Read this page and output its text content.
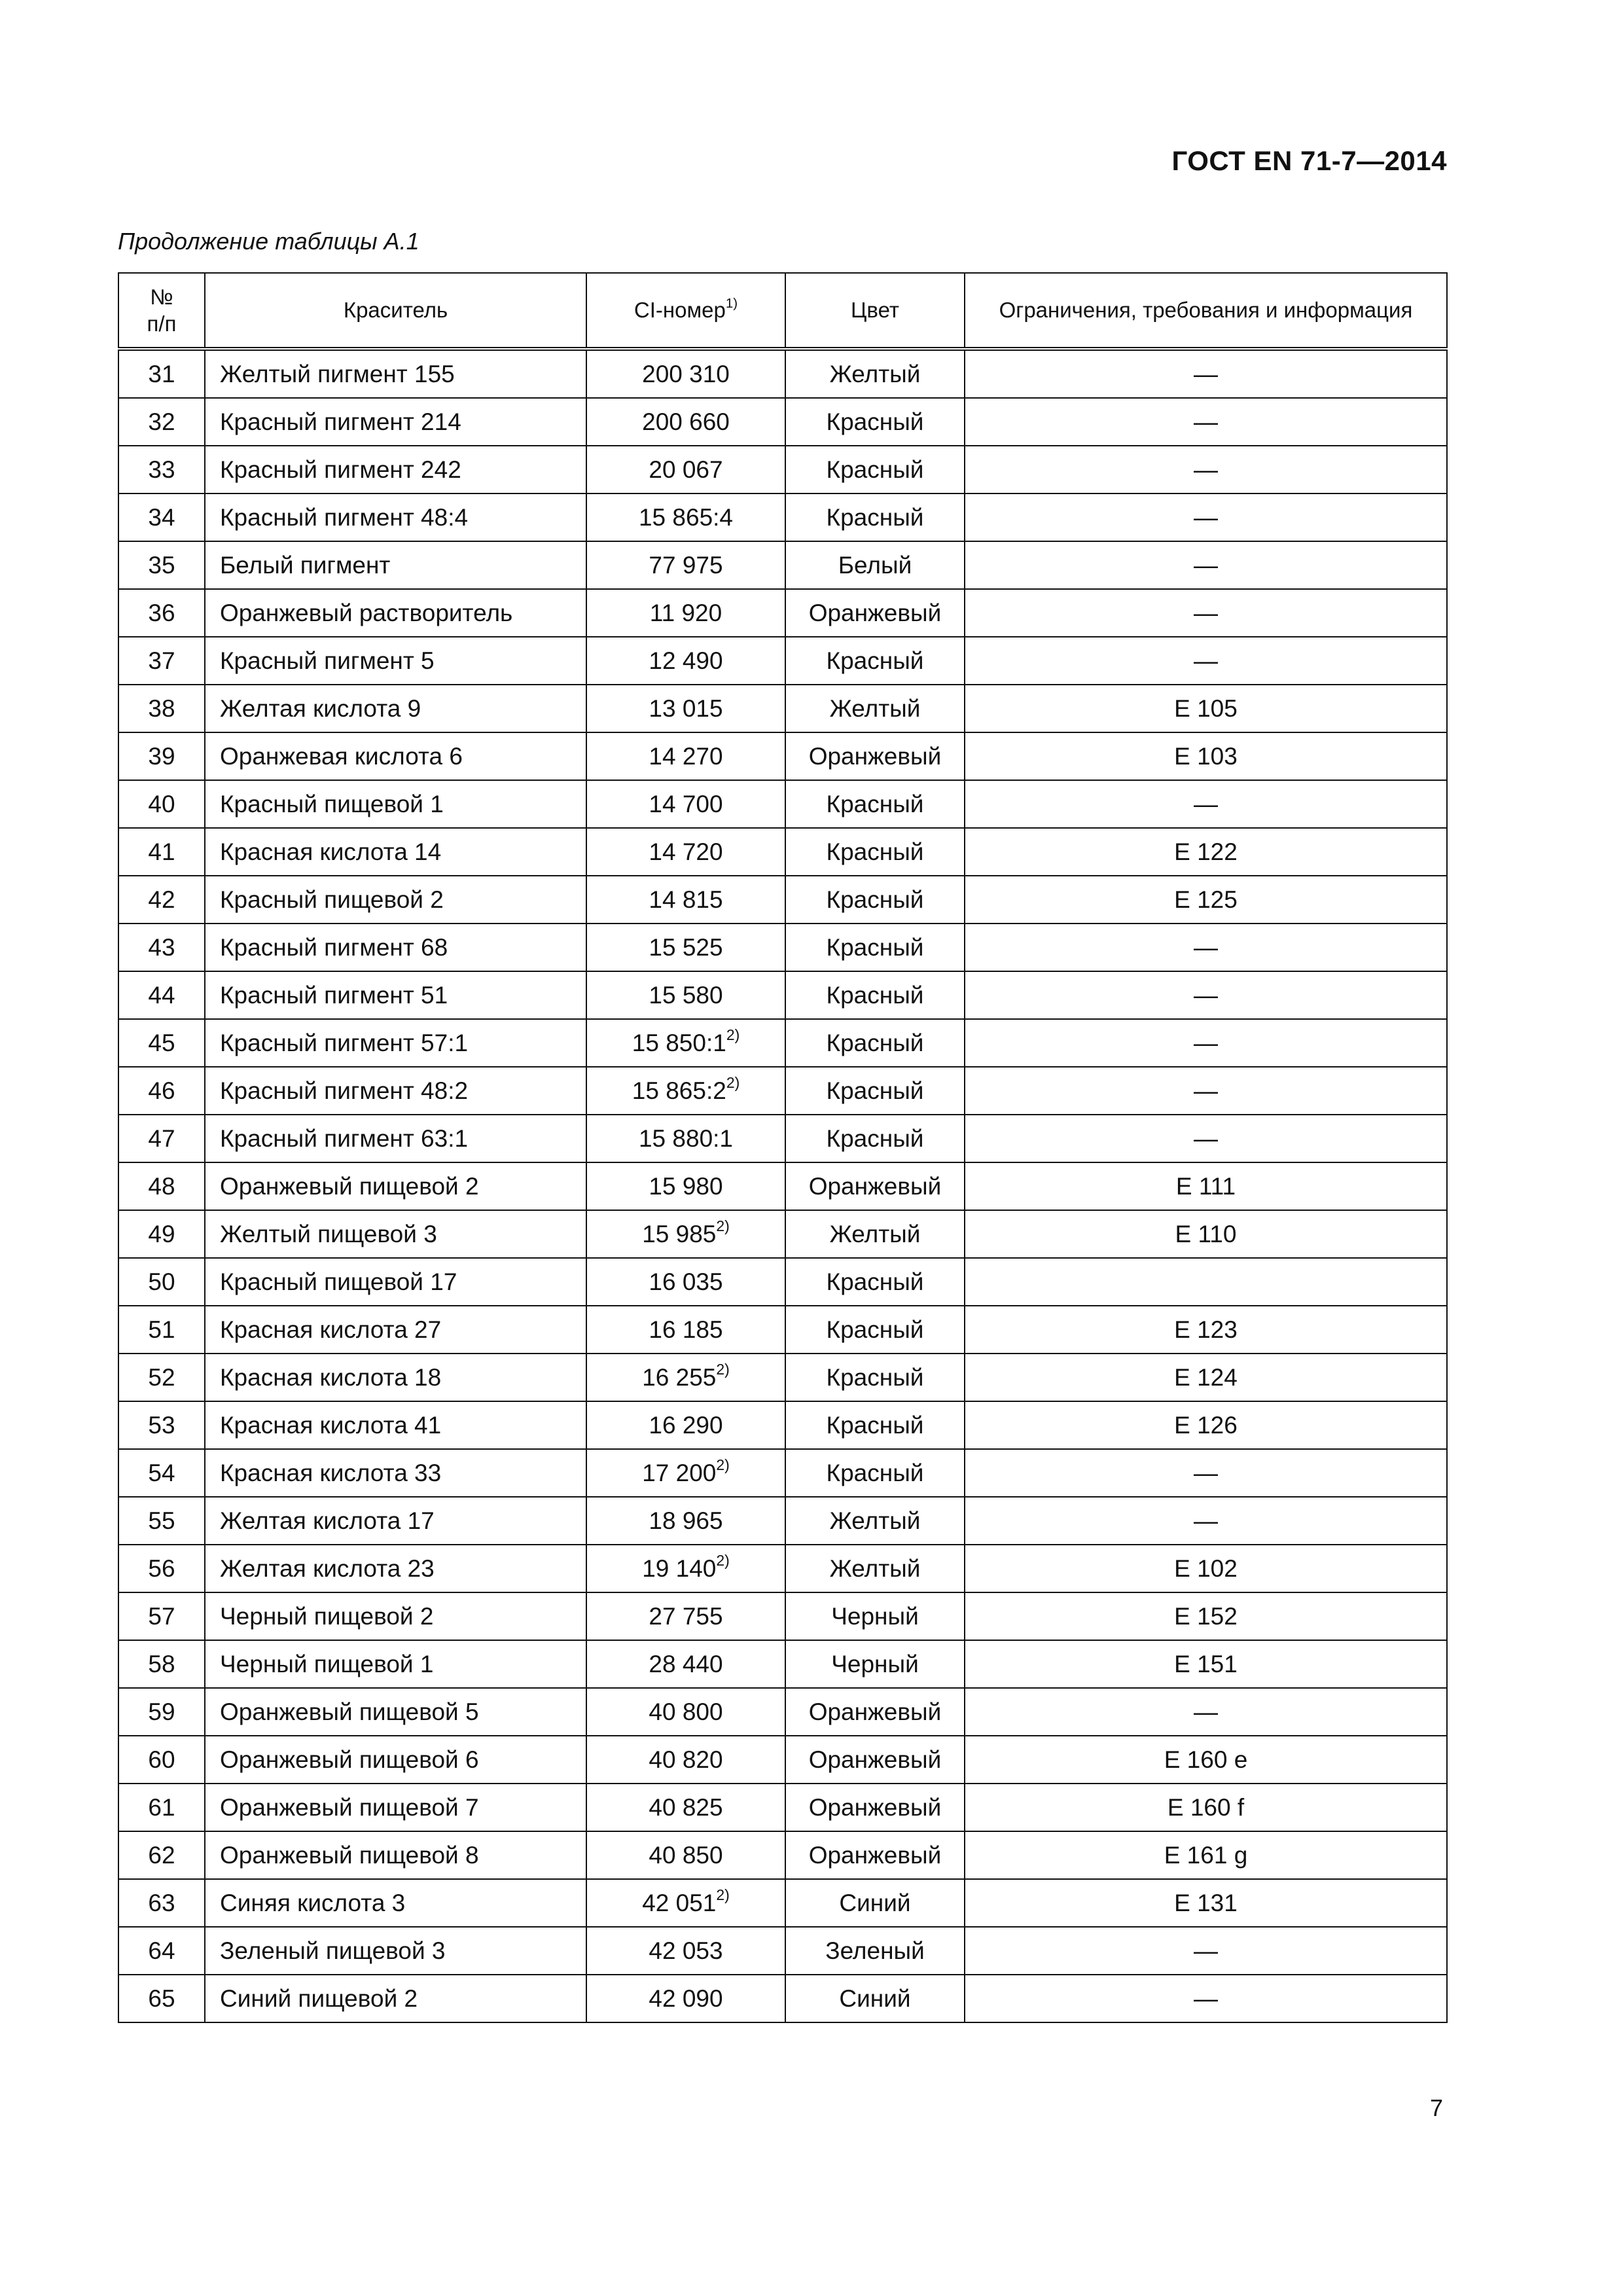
ГОСТ EN 71-7—2014
Продолжение таблицы А.1
№
п/п	Краситель	CI-номер$^{1)}$	Цвет	Ограничения, требования и информация
31	Желтый пигмент 155	200 310	Желтый	—
32	Красный пигмент 214	200 660	Красный	—
33	Красный пигмент 242	20 067	Красный	—
34	Красный пигмент 48:4	15 865:4	Красный	—
35	Белый пигмент	77 975	Белый	—
36	Оранжевый растворитель	11 920	Оранжевый	—
37	Красный пигмент 5	12 490	Красный	—
38	Желтая кислота 9	13 015	Желтый	E 105
39	Оранжевая кислота 6	14 270	Оранжевый	E 103
40	Красный пищевой 1	14 700	Красный	—
41	Красная кислота 14	14 720	Красный	E 122
42	Красный пищевой 2	14 815	Красный	E 125
43	Красный пигмент 68	15 525	Красный	—
44	Красный пигмент 51	15 580	Красный	—
45	Красный пигмент 57:1	15 850:1$^{2)}$	Красный	—
46	Красный пигмент 48:2	15 865:2$^{2)}$	Красный	—
47	Красный пигмент 63:1	15 880:1	Красный	—
48	Оранжевый пищевой 2	15 980	Оранжевый	E 111
49	Желтый пищевой 3	15 985$^{2)}$	Желтый	E 110
50	Красный пищевой 17	16 035	Красный	
51	Красная кислота 27	16 185	Красный	E 123
52	Красная кислота 18	16 255$^{2)}$	Красный	E 124
53	Красная кислота 41	16 290	Красный	E 126
54	Красная кислота 33	17 200$^{2)}$	Красный	—
55	Желтая кислота 17	18 965	Желтый	—
56	Желтая кислота 23	19 140$^{2)}$	Желтый	E 102
57	Черный пищевой 2	27 755	Черный	E 152
58	Черный пищевой 1	28 440	Черный	E 151
59	Оранжевый пищевой 5	40 800	Оранжевый	—
60	Оранжевый пищевой 6	40 820	Оранжевый	E 160 e
61	Оранжевый пищевой 7	40 825	Оранжевый	E 160 f
62	Оранжевый пищевой 8	40 850	Оранжевый	E 161 g
63	Синяя кислота 3	42 051$^{2)}$	Синий	E 131
64	Зеленый пищевой 3	42 053	Зеленый	—
65	Синий пищевой 2	42 090	Синий	—
7
